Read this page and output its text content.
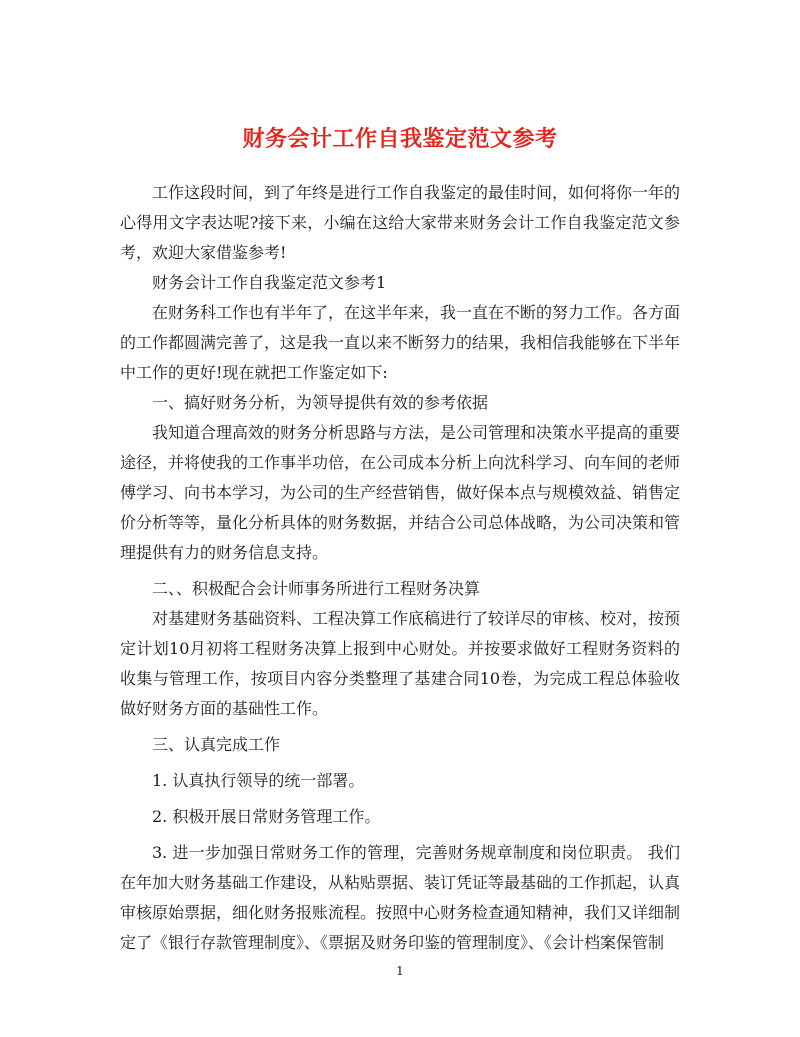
财务会计工作自我鉴定范文参考

工作这段时间，到了年终是进行工作自我鉴定的最佳时间，如何将你一年的心得用文字表达呢?接下来，小编在这给大家带来财务会计工作自我鉴定范文参考，欢迎大家借鉴参考!

财务会计工作自我鉴定范文参考1

在财务科工作也有半年了，在这半年来，我一直在不断的努力工作。各方面的工作都圆满完善了，这是我一直以来不断努力的结果，我相信我能够在下半年中工作的更好!现在就把工作鉴定如下:

一、搞好财务分析，为领导提供有效的参考依据

我知道合理高效的财务分析思路与方法，是公司管理和决策水平提高的重要途径，并将使我的工作事半功倍，在公司成本分析上向沈科学习、向车间的老师傅学习、向书本学习，为公司的生产经营销售，做好保本点与规模效益、销售定价分析等等，量化分析具体的财务数据，并结合公司总体战略，为公司决策和管理提供有力的财务信息支持。

二、、积极配合会计师事务所进行工程财务决算

对基建财务基础资料、工程决算工作底稿进行了较详尽的审核、校对，按预定计划10月初将工程财务决算上报到中心财处。并按要求做好工程财务资料的收集与管理工作，按项目内容分类整理了基建合同10卷，为完成工程总体验收做好财务方面的基础性工作。

三、认真完成工作

1. 认真执行领导的统一部署。

2. 积极开展日常财务管理工作。

3. 进一步加强日常财务工作的管理，完善财务规章制度和岗位职责。 我们在年加大财务基础工作建设，从粘贴票据、装订凭证等最基础的工作抓起，认真审核原始票据，细化财务报账流程。按照中心财务检查通知精神，我们又详细制定了《银行存款管理制度》、《票据及财务印鉴的管理制度》、《会计档案保管制

1
